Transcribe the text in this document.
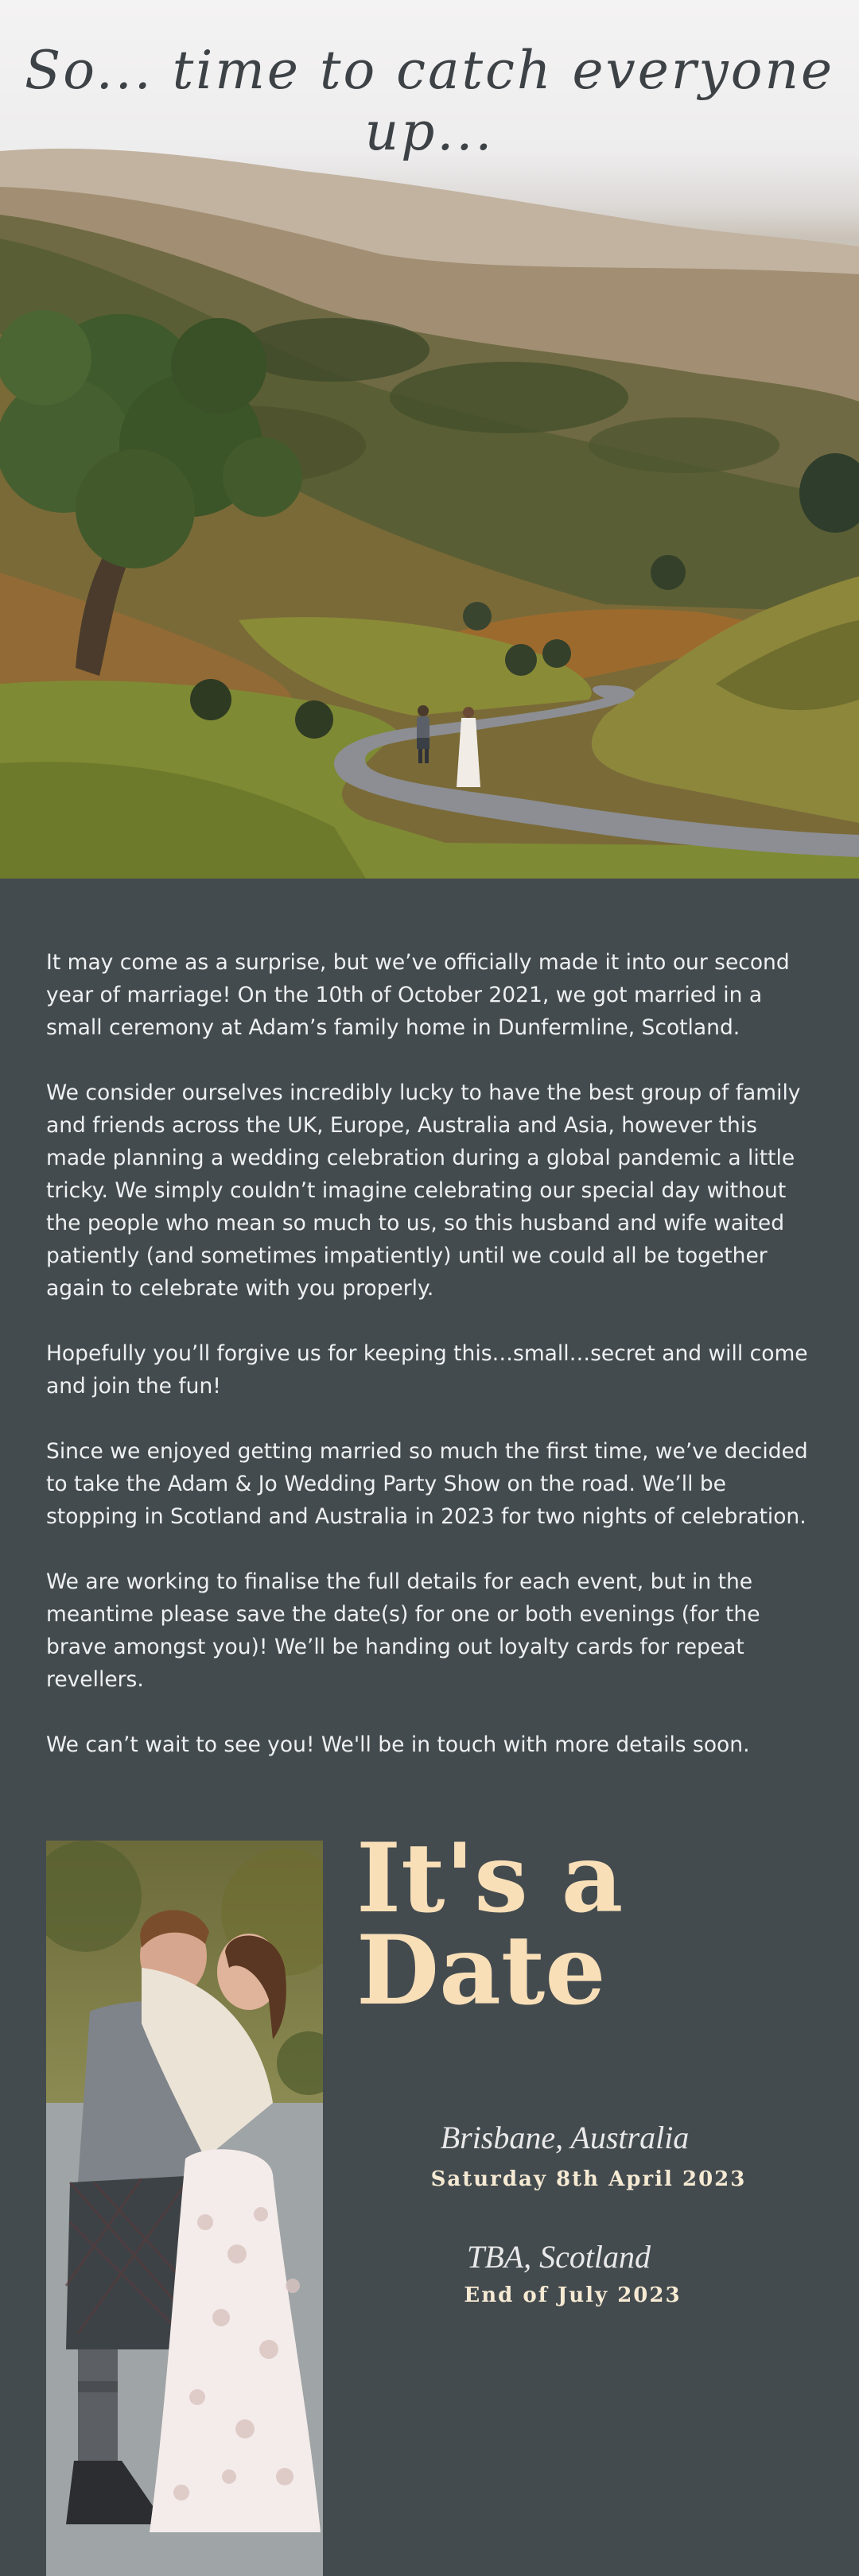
So... time to catch everyone up...

It may come as a surprise, but we’ve officially made it into our second year of marriage! On the 10th of October 2021, we got married in a small ceremony at Adam’s family home in Dunfermline, Scotland.

We consider ourselves incredibly lucky to have the best group of family and friends across the UK, Europe, Australia and Asia, however this made planning a wedding celebration during a global pandemic a little tricky. We simply couldn’t imagine celebrating our special day without the people who mean so much to us, so this husband and wife waited patiently (and sometimes impatiently) until we could all be together again to celebrate with you properly.

Hopefully you’ll forgive us for keeping this…small…secret and will come and join the fun!

Since we enjoyed getting married so much the first time, we’ve decided to take the Adam & Jo Wedding Party Show on the road. We’ll be stopping in Scotland and Australia in 2023 for two nights of celebration.

We are working to finalise the full details for each event, but in the meantime please save the date(s) for one or both evenings (for the brave amongst you)! We’ll be handing out loyalty cards for repeat revellers.

We can’t wait to see you! We'll be in touch with more details soon.

It's a
Date
Brisbane, Australia
Saturday 8th April 2023
TBA, Scotland
End of July 2023
